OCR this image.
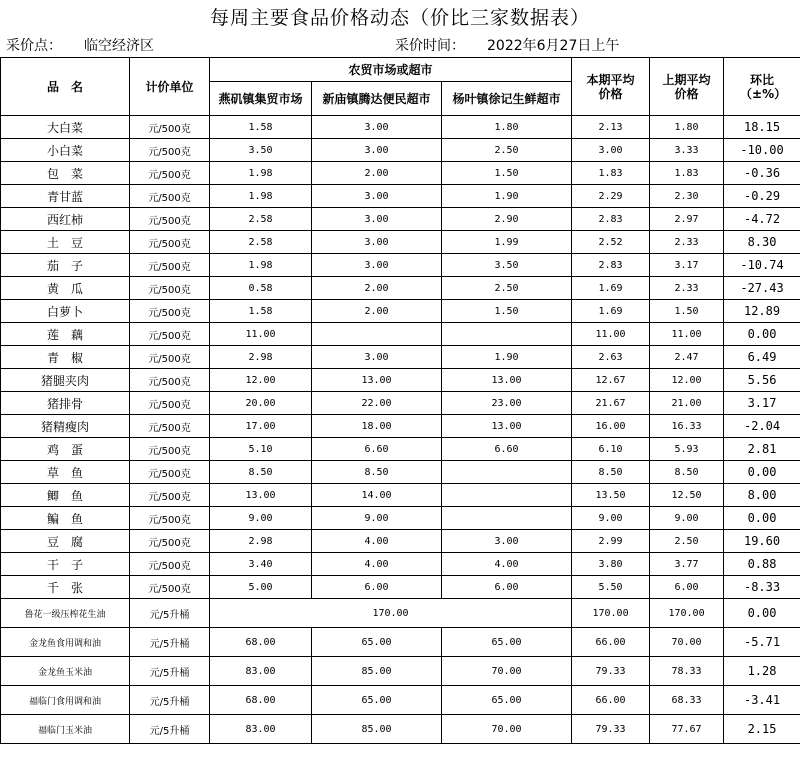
每周主要食品价格动态（价比三家数据表）
采价点： 临空经济区	采价时间： 2022年6月27日上午
品　名	计价单位	农贸市场或超市			本期平均价格	上期平均价格	环比（±%）
		燕矶镇集贸市场	新庙镇腾达便民超市	杨叶镇徐记生鲜超市			
大白菜	元/500克	1.58	3.00	1.80	2.13	1.80	18.15
小白菜	元/500克	3.50	3.00	2.50	3.00	3.33	-10.00
包　菜	元/500克	1.98	2.00	1.50	1.83	1.83	-0.36
青甘蓝	元/500克	1.98	3.00	1.90	2.29	2.30	-0.29
西红柿	元/500克	2.58	3.00	2.90	2.83	2.97	-4.72
土　豆	元/500克	2.58	3.00	1.99	2.52	2.33	8.30
茄　子	元/500克	1.98	3.00	3.50	2.83	3.17	-10.74
黄　瓜	元/500克	0.58	2.00	2.50	1.69	2.33	-27.43
白萝卜	元/500克	1.58	2.00	1.50	1.69	1.50	12.89
莲　藕	元/500克	11.00			11.00	11.00	0.00
青　椒	元/500克	2.98	3.00	1.90	2.63	2.47	6.49
猪腿夹肉	元/500克	12.00	13.00	13.00	12.67	12.00	5.56
猪排骨	元/500克	20.00	22.00	23.00	21.67	21.00	3.17
猪精瘦肉	元/500克	17.00	18.00	13.00	16.00	16.33	-2.04
鸡　蛋	元/500克	5.10	6.60	6.60	6.10	5.93	2.81
草　鱼	元/500克	8.50	8.50		8.50	8.50	0.00
鲫　鱼	元/500克	13.00	14.00		13.50	12.50	8.00
鳊　鱼	元/500克	9.00	9.00		9.00	9.00	0.00
豆　腐	元/500克	2.98	4.00	3.00	2.99	2.50	19.60
干　子	元/500克	3.40	4.00	4.00	3.80	3.77	0.88
千　张	元/500克	5.00	6.00	6.00	5.50	6.00	-8.33
鲁花一级压榨花生油	元/5升桶	170.00			170.00	170.00	0.00
金龙鱼食用调和油	元/5升桶	68.00	65.00	65.00	66.00	70.00	-5.71
金龙鱼玉米油	元/5升桶	83.00	85.00	70.00	79.33	78.33	1.28
福临门食用调和油	元/5升桶	68.00	65.00	65.00	66.00	68.33	-3.41
福临门玉米油	元/5升桶	83.00	85.00	70.00	79.33	77.67	2.15
